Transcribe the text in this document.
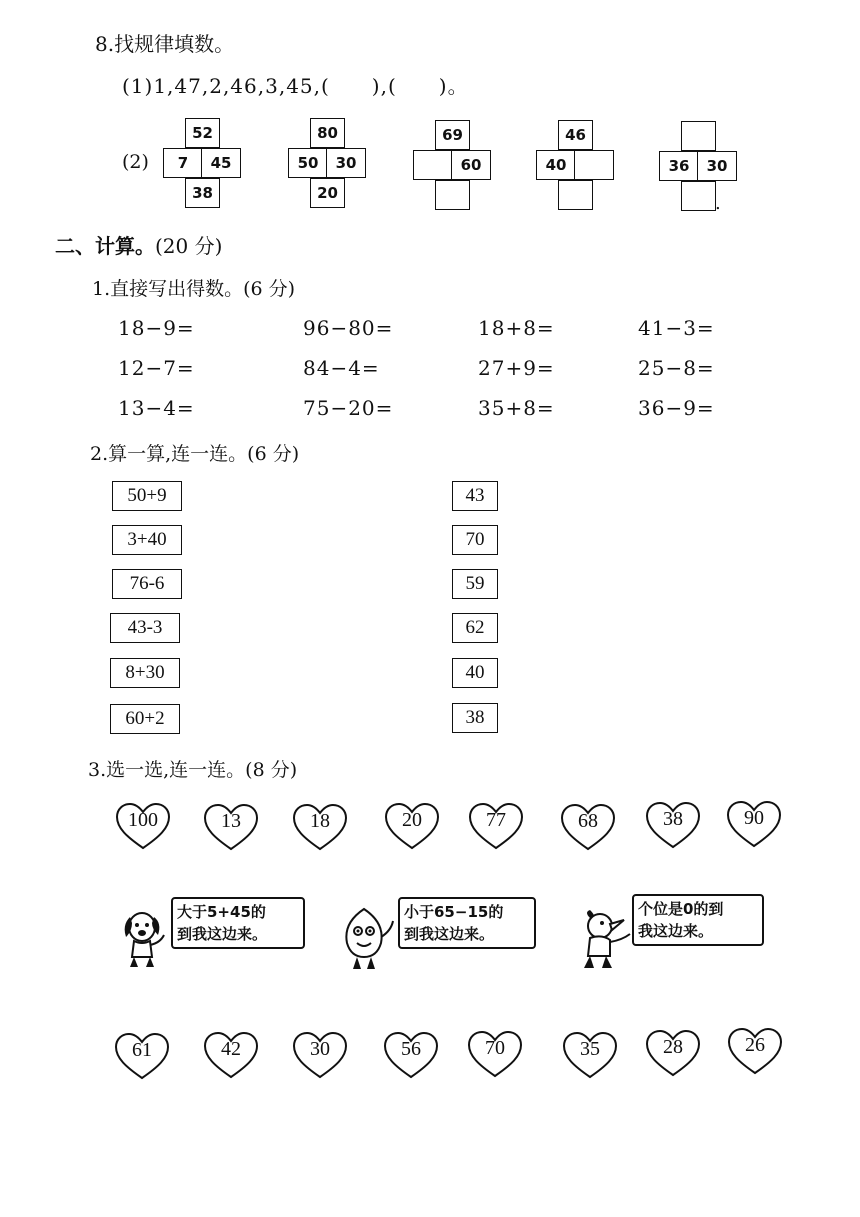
8.找规律填数。
(1)1,47,2,46,3,45,(　　),(　　)。
(2)
52
7	45
38
80
50	30
20
69
60
46
40	36	30
.
二、计算。(20 分)
1.直接写出得数。(6 分)
18−9=	96−80=	18+8=	41−3=
12−7=	84−4=	27+9=	25−8=
13−4=	75−20=	35+8=	36−9=
2.算一算,连一连。(6 分)
50+9
3+40
76-6
43-3
8+30
60+2
43
70
59
62
40
38
3.选一选,连一连。(8 分)
100	13	18	20	77	68	38	90
61	42	30	56	70	35	28	26
大于5+45的
到我这边来。
小于65−15的
到我这边来。
个位是0的到
我这边来。
